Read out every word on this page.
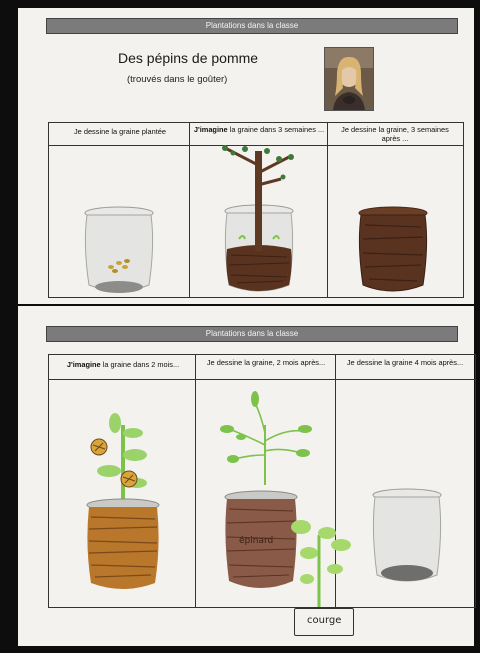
Plantations dans la classe
Des pépins de pomme
(trouvés dans le goûter)
Je dessine la graine plantée	J'imagine la graine dans 3 semaines ...	Je dessine la graine, 3 semaines après ...
Plantations dans la classe
J'imagine la graine dans 2 mois...	Je dessine la graine, 2 mois après...	Je dessine la graine 4 mois après...
épinard
courge
